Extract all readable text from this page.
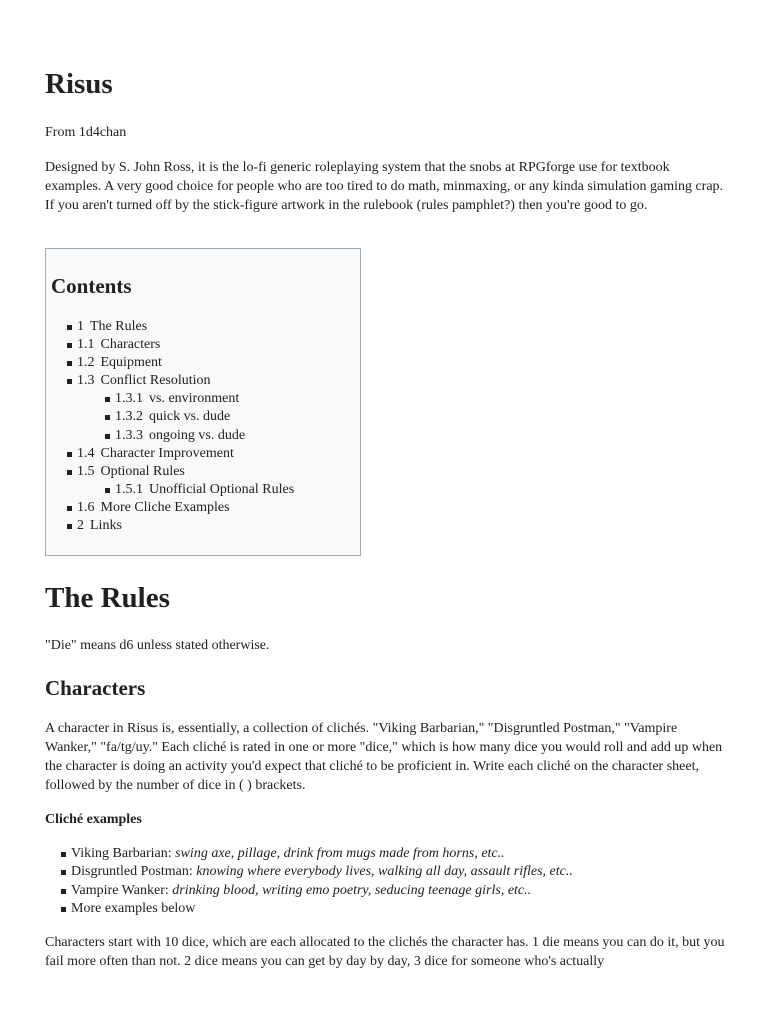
Risus
From 1d4chan

Designed by S. John Ross, it is the lo-fi generic roleplaying system that the snobs at RPGforge use for textbook examples. A very good choice for people who are too tired to do math, minmaxing, or any kinda simulation gaming crap. If you aren't turned off by the stick-figure artwork in the rulebook (rules pamphlet?) then you're good to go.

Contents
1 The Rules
1.1 Characters
1.2 Equipment
1.3 Conflict Resolution
1.3.1 vs. environment
1.3.2 quick vs. dude
1.3.3 ongoing vs. dude
1.4 Character Improvement
1.5 Optional Rules
1.5.1 Unofficial Optional Rules
1.6 More Cliche Examples
2 Links
The Rules
"Die" means d6 unless stated otherwise.
Characters

A character in Risus is, essentially, a collection of clichés. "Viking Barbarian," "Disgruntled Postman," "Vampire Wanker," "fa/tg/uy." Each cliché is rated in one or more "dice," which is how many dice you would roll and add up when the character is doing an activity you'd expect that cliché to be proficient in. Write each cliché on the character sheet, followed by the number of dice in ( ) brackets.

Cliché examples
Viking Barbarian: swing axe, pillage, drink from mugs made from horns, etc..
Disgruntled Postman: knowing where everybody lives, walking all day, assault rifles, etc..
Vampire Wanker: drinking blood, writing emo poetry, seducing teenage girls, etc..
More examples below

Characters start with 10 dice, which are each allocated to the clichés the character has. 1 die means you can do it, but you fail more often than not. 2 dice means you can get by day by day, 3 dice for someone who's actually
